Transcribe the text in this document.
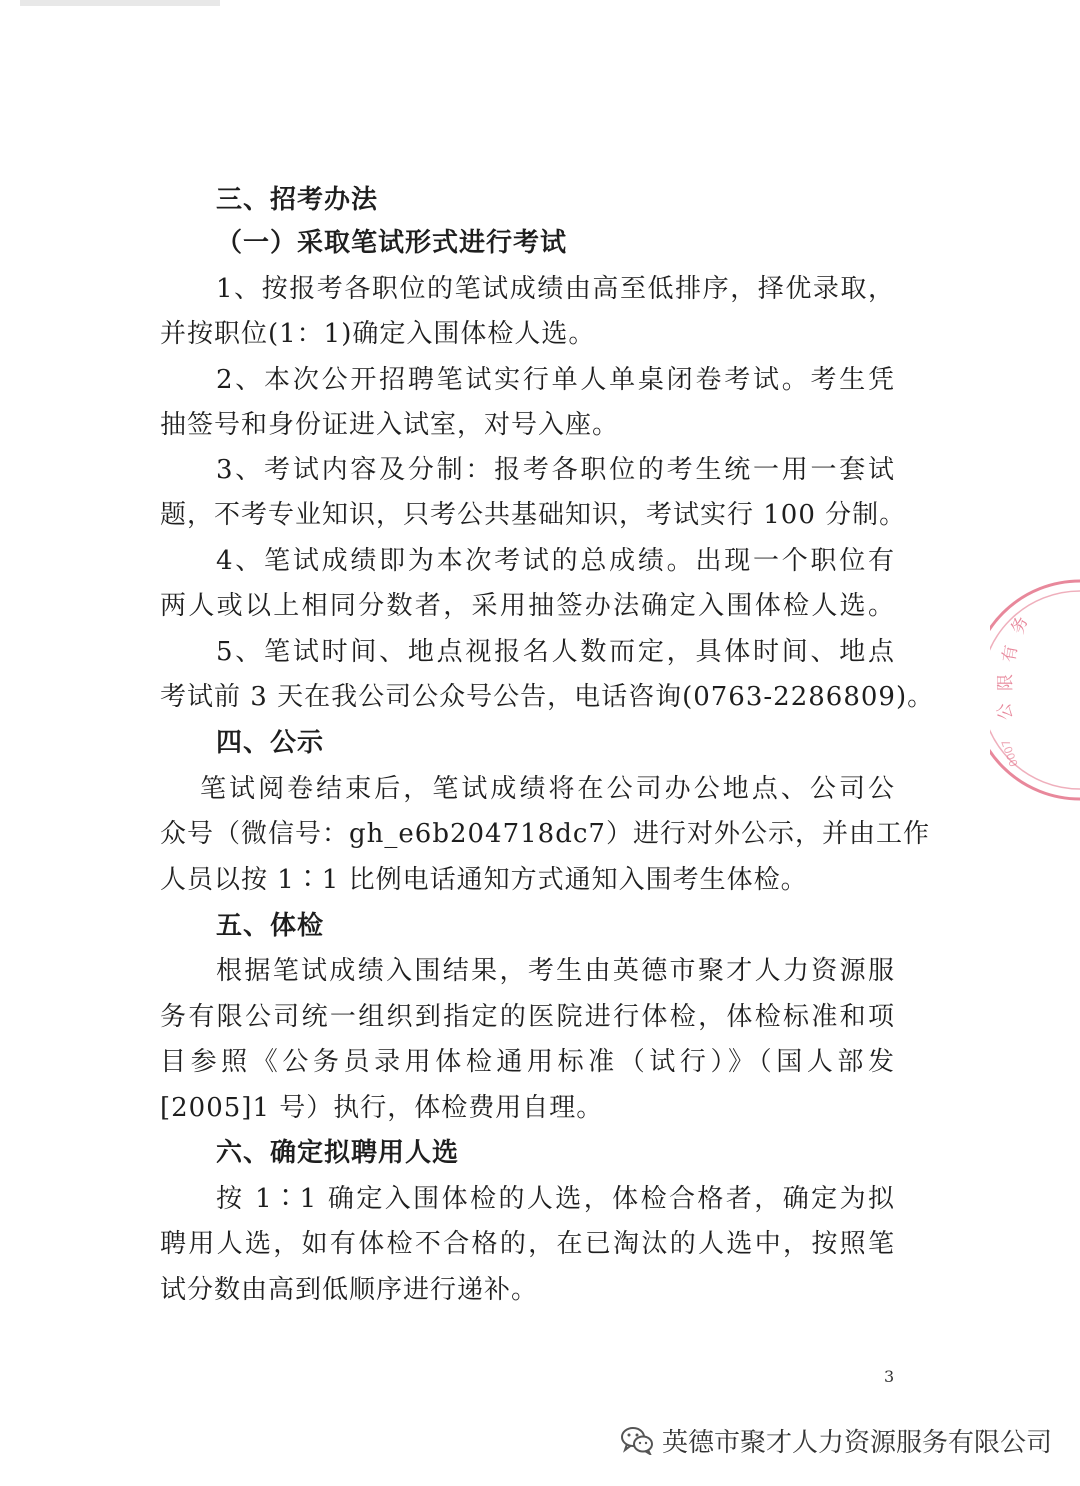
三、招考办法
（一）采取笔试形式进行考试
1、按报考各职位的笔试成绩由高至低排序，择优录取，
并按职位(1：1)确定入围体检人选。
2、本次公开招聘笔试实行单人单桌闭卷考试。考生凭
抽签号和身份证进入试室，对号入座。
3、考试内容及分制：报考各职位的考生统一用一套试
题，不考专业知识，只考公共基础知识，考试实行 100 分制。
4、笔试成绩即为本次考试的总成绩。出现一个职位有
两人或以上相同分数者，采用抽签办法确定入围体检人选。
5、笔试时间、地点视报名人数而定，具体时间、地点
考试前 3 天在我公司公众号公告，电话咨询(0763-2286809)。
四、公示
笔试阅卷结束后，笔试成绩将在公司办公地点、公司公
众号（微信号：gh_e6b204718dc7）进行对外公示，并由工作
人员以按 1∶1 比例电话通知方式通知入围考生体检。
五、体检
根据笔试成绩入围结果，考生由英德市聚才人力资源服
务有限公司统一组织到指定的医院进行体检，体检标准和项
目参照《公务员录用体检通用标准（试行）》（国人部发
[2005]1 号）执行，体检费用自理。
六、确定拟聘用人选
按 1∶1 确定入围体检的人选，体检合格者，确定为拟
聘用人选，如有体检不合格的，在已淘汰的人选中，按照笔
试分数由高到低顺序进行递补。
3
务
有
限
公
0007
英德市聚才人力资源服务有限公司
